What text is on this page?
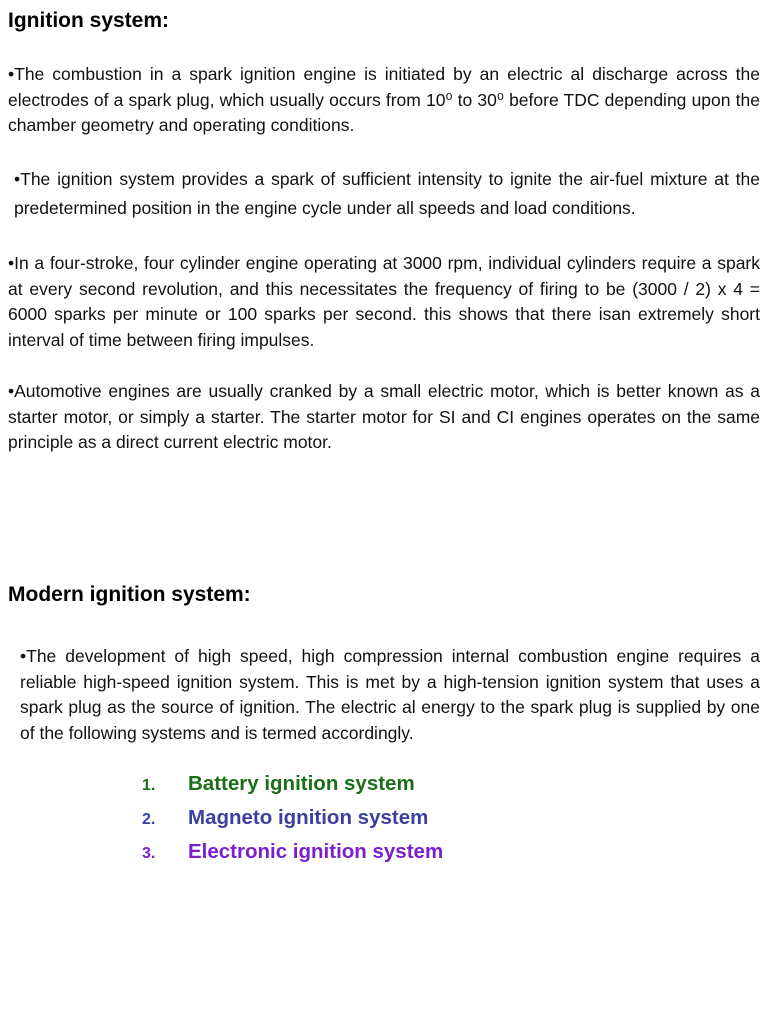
Ignition system:

•The combustion in a spark ignition engine is initiated by an electric al discharge across the electrodes of a spark plug, which usually occurs from 10⁰ to 30⁰ before TDC depending upon the chamber geometry and operating conditions.

•The ignition system provides a spark of sufficient intensity to ignite the air-fuel mixture at the predetermined position in the engine cycle under all speeds and load conditions.

•In a four-stroke, four cylinder engine operating at 3000 rpm, individual cylinders require a spark at every second revolution, and this necessitates the frequency of firing to be (3000 / 2) x 4 = 6000 sparks per minute or 100 sparks per second. this shows that there isan extremely short interval of time between firing impulses.

•Automotive engines are usually cranked by a small electric motor, which is better known as a starter motor, or simply a starter. The starter motor for SI and CI engines operates on the same principle as a direct current electric motor.

Modern ignition system:

•The development of high speed, high compression internal combustion engine requires a reliable high-speed ignition system. This is met by a high-tension ignition system that uses a spark plug as the source of ignition. The electric al energy to the spark plug is supplied by one of the following systems and is termed accordingly.

1.	Battery ignition system
2.	Magneto ignition system
3.	Electronic ignition system
